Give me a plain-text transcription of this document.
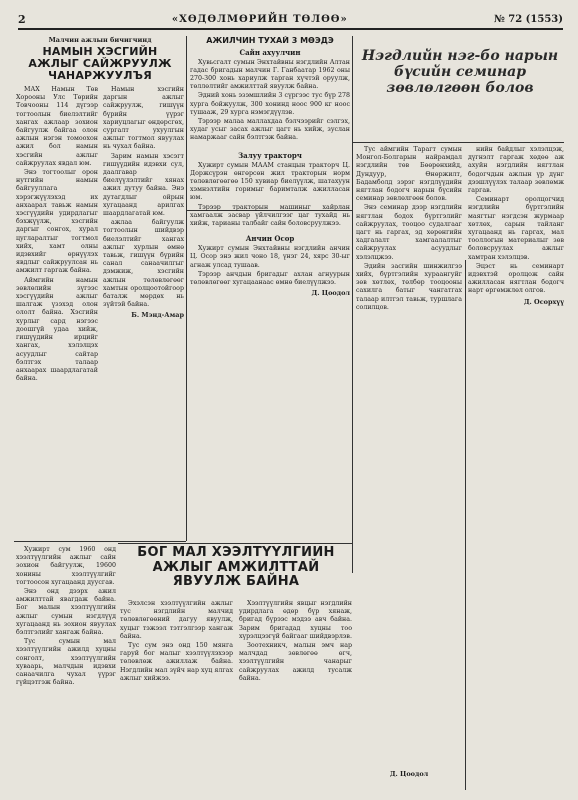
2	«ХӨДӨЛМӨРИЙН ТӨЛӨӨ»	№ 72 (1553)
Малчин ажлын бичигчинд
НАМЫН ХЭСГИЙН АЖЛЫГ САЙЖРУУЛЖ ЧАНАРЖУУЛЪЯ

МАХ Намын Төв Хорооны Улс Төрийн Товчооны 114 дүгээр тогтоолын биелэлтийг хангах ажлаар зохион байгуулж байгаа олон ажлын нэгэн томоохон ажил бол намын хэсгийн ажлыг сайжруулах явдал юм.

Энэ тогтоолыг орон нутгийн намын байгууллага хэрэгжүүлэхэд их анхаарал тавьж намын хэсгүүдийн удирдлагыг бэхжүүлж, хэсгийн даргыг сонгох, хурал цугларалтыг тогтмол хийх, хамт олны идэвхийг өрнүүлэх явдлыг сайжруулсан нь амжилт гаргаж байна.

Аймгийн намын зөвлөлийн зүгээс хэсгүүдийн ажлыг шалгаж үзэхэд олон ололт байна. Хэсгийн хурлыг сард нэгээс доошгүй удаа хийж, гишүүдийн ирцийг хангах, хэлэлцэх асуудлыг сайтар бэлтгэх талаар анхаарах шаардлагатай байна.

Намын хэсгийн даргын ажлыг сайжруулж, гишүүн бүрийн үүрэг хариуцлагыг өндөрсгөх, сургалт ухуулгын ажлыг тогтмол явуулах нь чухал байна.

Зарим намын хэсэгт гишүүдийн идэвхи сул, даалгавар биелүүлэлтийг хянах ажил дутуу байна. Энэ дутагдлыг ойрын хугацаанд арилгах шаардлагатай юм.

ажлаа байгуулж тогтоолын шийдвэр биелэлтийг хангах ажлыг хурлын өмнө тавьж, гишүүн бүрийн санал санаачилгыг дэмжиж, хэсгийн ажлын төлөвлөгөөг хамтын оролцоотойгоор баталж мөрдөх нь зүйтэй байна.

Б. Мэнд-Амар
АЖИЛЧИН ТУХАЙ 3 МӨЭДЭ
Сайн ахуулчин

Хувьсгалт сумын Энхтайвны нэгдлийн Алтан гадас бригадын малчин Г. Ганбаатар 1962 оны 270-300 хонь хариулж тарган хүчтэй оруулж, төллөлтийг амжилттай явуулж байна.

Эдний хонь эзэмшлийн 3 сүргээс тус бүр 278 хурга бойжуулж, 300 хонинд ноос 900 кг ноос тушааж, 29 хурга нэмэгдүүлэв.

Тэрээр малаа маллахдаа бэлчээрийг сэлгэх, худаг усыг засах ажлыг цагт нь хийж, зуслан намаржааг сайн бэлтгэж байна.

Залуу тракторч

Хужирт сумын МААМ станцын тракторч Ц. Доржсүрэн өнгөрсөн жил тракторын норм төлөвлөгөөгөө 150 хувиар биелүүлж, шатахуун хэмнэлтийн горимыг баримталж ажилласан юм.

Тэрээр тракторын машиныг хайрлан хамгаалж засвар үйлчилгээг цаг тухайд нь хийж, тарианы талбайг сайн боловсруулжээ.

Анчин Осор

Хужирт сумын Энхтайвны нэгдлийн анчин Ц. Осор энэ жил чоно 18, үнэг 24, хярс 30-ыг агнаж улсад тушаав.

Тэрээр анчдын бригадыг ахлан агнуурын төлөвлөгөөг хугацаанаас өмнө биелүүлжээ.

Д. Цоодол
Нэгдлийн нэг-бо нарын бүсийн семинар зөвлөлгөөн болов

Тус аймгийн Тарагт сумын Монгол-Болгарын найрамдал нэгдлийн төв Бөөрөнхийд, Дундуур, Өнөржилт, Бадамболд зэрэг нэгдлүүдийн нягтлан бодогч нарын бүсийн семинар зөвлөлгөөн болов.

Энэ семинар дээр нэгдлийн нягтлан бодох бүртгэлийг сайжруулах, тооцоо судалгааг цагт нь гаргах, эд хөрөнгийн хадгалалт хамгаалалтыг сайжруулах асуудлыг хэлэлцжээ.

Эдийн засгийн шинжилгээ хийх, бүртгэлийн хураангуйг зөв хөтлөх, төлбөр тооцооны сахилга батыг чангатгах талаар илтгэл тавьж, туршлага солилцов.

нийн байдлыг хэлэлцэж, дүгнэлт гаргаж хөдөө аж ахуйн нэгдлийн нягтлан бодогчдын ажлын үр дүнг дээшлүүлэх талаар зөвлөмж гаргав.

Семинарт оролцогчид нэгдлийн бүртгэлийн маягтыг нэгдсэн журмаар хөтлөх, сарын тайланг хугацаанд нь гаргах, мал тооллогын материалыг зөв боловсруулах ажлыг хамтран хэлэлцэв.

Эцэст нь семинарт идэвхтэй оролцож сайн ажилласан нягтлан бодогч нарт өргөмжлөл олгов.

Д. Осорхүү

Хужирт сум 1960 онд хээлтүүлгийн ажлыг сайн зохион байгуулж, 19600 хонины хээлтүүлгийг тогтоосон хугацаанд дуусгав.

Энэ онд дээрх ажил амжилттай явагдаж байна. Бог малын хээлтүүлгийн ажлыг сумын нэгдлүүд хугацаанд нь зохион явуулах бэлтгэлийг хангаж байна.

Тус сумын мал хээлтүүлгийн ажилд хуцны сонголт, хээлтүүлгийн хуваарь, малчдын идэвхи санаачилга чухал үүрэг гүйцэтгэж байна.

БОГ МАЛ ХЭЭЛТҮҮЛГИЙН АЖЛЫГ АМЖИЛТТАЙ ЯВУУЛЖ БАЙНА

Эхэлсэн хээлтүүлгийн ажлыг тус нэгдлийн малчид төлөвлөгөөний дагуу явуулж, хуцыг тэжээл тэтгэлгээр хангаж байна.

Тус сум энэ онд 150 мянга гаруй бог малыг хээлтүүлэхээр төлөвлөж ажиллаж байна. Нэгдлийн мал зүйч нар хуц ялгах ажлыг хийжээ.

Хээлтүүлгийн явцыг нэгдлийн удирдлага өдөр бүр хянаж, бригад бүрээс мэдээ авч байна. Зарим бригадад хуцны тоо хүрэлцээгүй байгааг шийдвэрлэв.

Зоотехникч, малын эмч нар малчдад зөвлөгөө өгч, хээлтүүлгийн чанарыг сайжруулах ажилд тусалж байна.

Д. Цоодол
